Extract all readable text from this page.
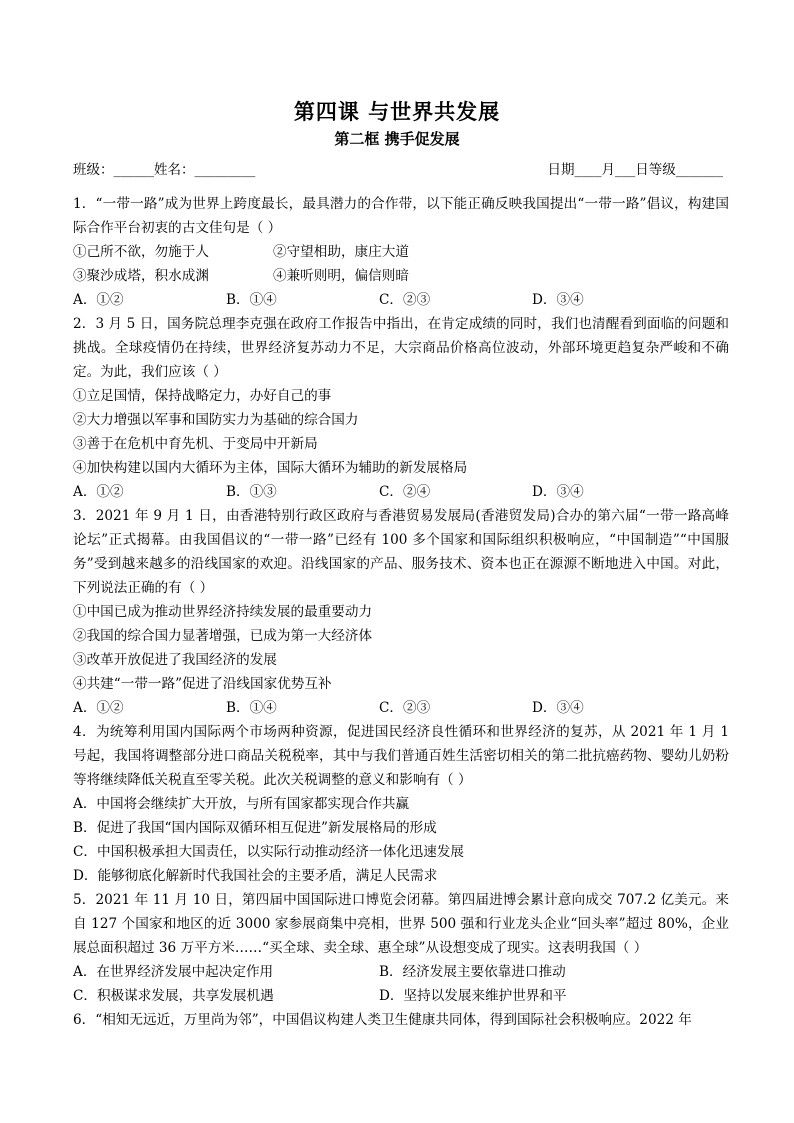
第四课 与世界共发展
第二框 携手促发展
班级：______姓名：_________	日期____月___日等级_______

1．“一带一路”成为世界上跨度最长，最具潜力的合作带，以下能正确反映我国提出“一带一路”倡议，构建国际合作平台初衷的古文佳句是（ ）

①己所不欲，勿施于人	②守望相助，康庄大道
③聚沙成塔，积水成渊	④兼听则明，偏信则暗
A．①②	B．①④	C．②③	D．③④

2．3 月 5 日，国务院总理李克强在政府工作报告中指出，在肯定成绩的同时，我们也清醒看到面临的问题和挑战。全球疫情仍在持续，世界经济复苏动力不足，大宗商品价格高位波动，外部环境更趋复杂严峻和不确定。为此，我们应该（ ）

①立足国情，保持战略定力，办好自己的事

②大力增强以军事和国防实力为基础的综合国力

③善于在危机中育先机、于变局中开新局

④加快构建以国内大循环为主体，国际大循环为辅助的新发展格局

A．①②	B．①③	C．②④	D．③④

3．2021 年 9 月 1 日，由香港特别行政区政府与香港贸易发展局(香港贸发局)合办的第六届“一带一路高峰论坛”正式揭幕。由我国倡议的“一带一路”已经有 100 多个国家和国际组织积极响应，“中国制造”“中国服务”受到越来越多的沿线国家的欢迎。沿线国家的产品、服务技术、资本也正在源源不断地进入中国。对此，下列说法正确的有（ ）

①中国已成为推动世界经济持续发展的最重要动力

②我国的综合国力显著增强，已成为第一大经济体

③改革开放促进了我国经济的发展

④共建“一带一路”促进了沿线国家优势互补

A．①②	B．①④	C．②③	D．③④

4．为统筹利用国内国际两个市场两种资源，促进国民经济良性循环和世界经济的复苏，从 2021 年 1 月 1 号起，我国将调整部分进口商品关税税率，其中与我们普通百姓生活密切相关的第二批抗癌药物、婴幼儿奶粉等将继续降低关税直至零关税。此次关税调整的意义和影响有（ ）

A．中国将会继续扩大开放，与所有国家都实现合作共赢

B．促进了我国“国内国际双循环相互促进”新发展格局的形成

C．中国积极承担大国责任，以实际行动推动经济一体化迅速发展

D．能够彻底化解新时代我国社会的主要矛盾，满足人民需求

5．2021 年 11 月 10 日，第四届中国国际进口博览会闭幕。第四届进博会累计意向成交 707.2 亿美元。来自 127 个国家和地区的近 3000 家参展商集中亮相，世界 500 强和行业龙头企业“回头率”超过 80%，企业展总面积超过 36 万平方米……“买全球、卖全球、惠全球”从设想变成了现实。这表明我国（ ）

A．在世界经济发展中起决定作用	B．经济发展主要依靠进口推动
C．积极谋求发展，共享发展机遇	D．坚持以发展来维护世界和平

6．“相知无远近，万里尚为邻”，中国倡议构建人类卫生健康共同体，得到国际社会积极响应。2022 年
